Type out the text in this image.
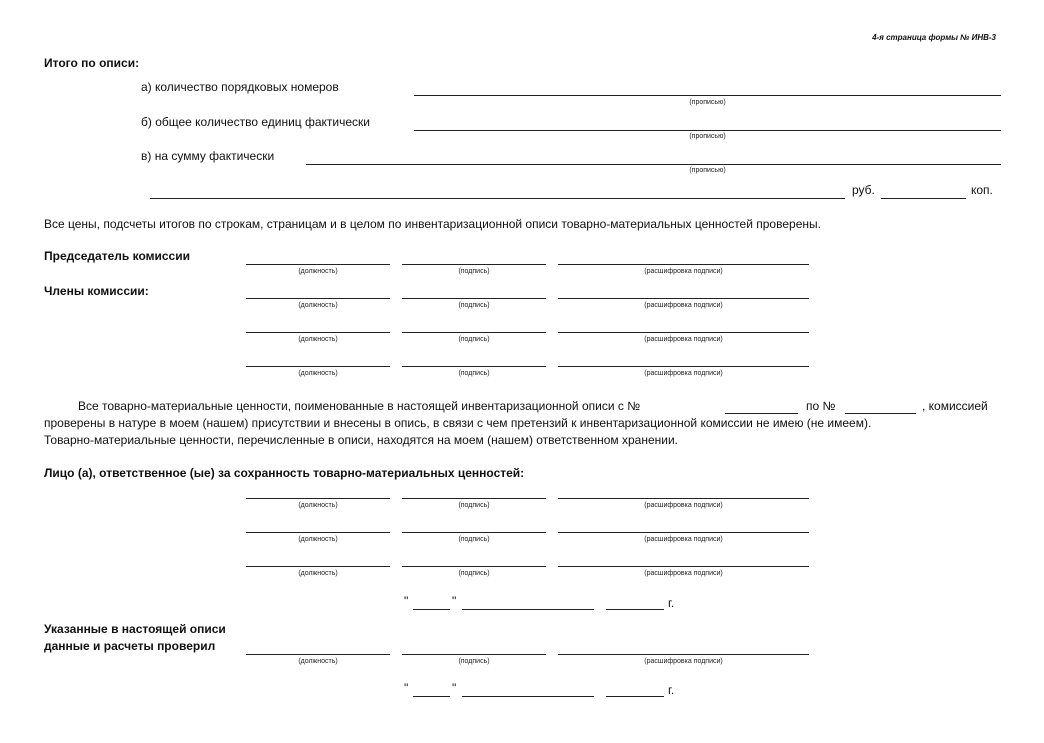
4-я страница формы № ИНВ-3
Итого по описи:
а) количество порядковых номеров
(прописью)
б) общее количество единиц фактически
(прописью)
в) на сумму фактически
(прописью)
руб.	коп.
Все цены, подсчеты итогов по строкам, страницам и в целом по инвентаризационной описи товарно-материальных ценностей проверены.
Председатель комиссии
(должность)	(подпись)	(расшифровка подписи)
Члены комиссии:
(должность)	(подпись)	(расшифровка подписи)
(должность)	(подпись)	(расшифровка подписи)
(должность)	(подпись)	(расшифровка подписи)
Все товарно-материальные ценности, поименованные в настоящей инвентаризационной описи с №	по №	, комиссией
проверены в натуре в моем (нашем) присутствии и внесены в опись, в связи с чем претензий к инвентаризационной комиссии не имею (не имеем).
Товарно-материальные ценности, перечисленные в описи, находятся на моем (нашем) ответственном хранении.
Лицо (а), ответственное (ые) за сохранность товарно-материальных ценностей:
(должность)	(подпись)	(расшифровка подписи)
(должность)	(подпись)	(расшифровка подписи)
(должность)	(подпись)	(расшифровка подписи)
"	"	г.
Указанные в настоящей описи
данные и расчеты проверил
(должность)	(подпись)	(расшифровка подписи)
"	"	г.
